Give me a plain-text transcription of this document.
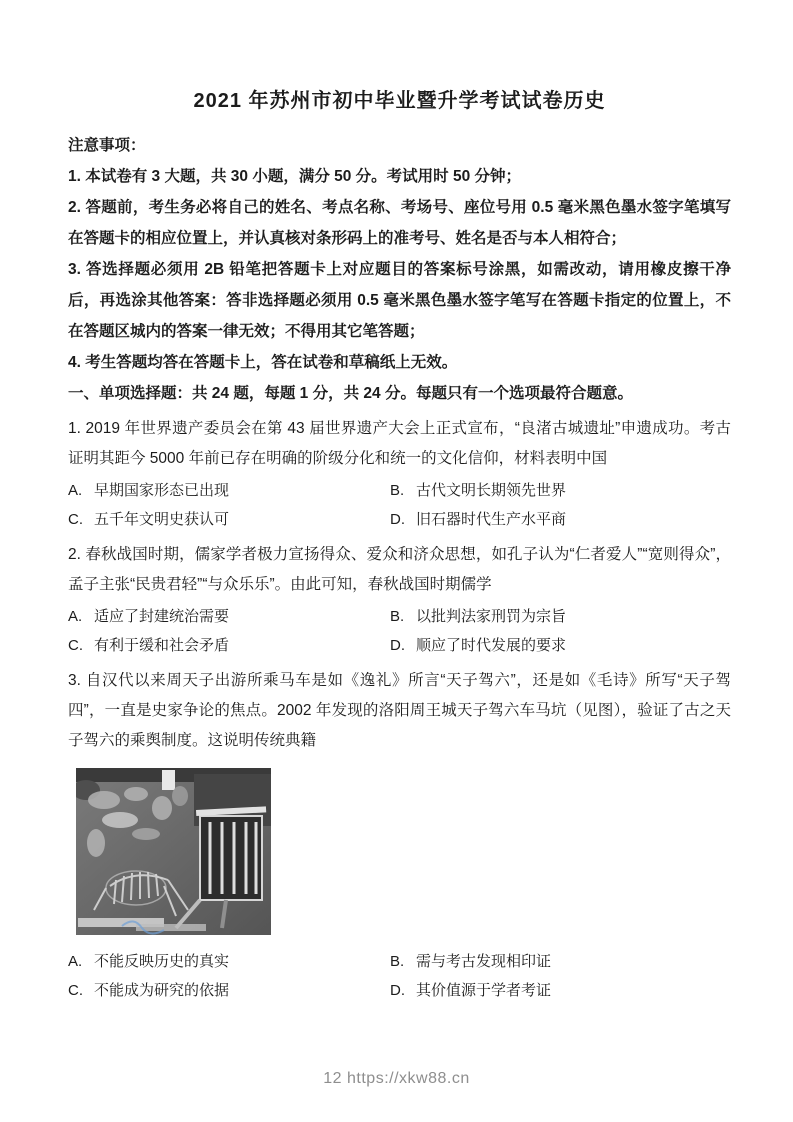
2021 年苏州市初中毕业暨升学考试试卷历史

注意事项：

1. 本试卷有 3 大题，共 30 小题，满分 50 分。考试用时 50 分钟；

2. 答题前，考生务必将自己的姓名、考点名称、考场号、座位号用 0.5 毫米黑色墨水签字笔填写在答题卡的相应位置上，并认真核对条形码上的准考号、姓名是否与本人相符合；

3. 答选择题必须用 2B 铅笔把答题卡上对应题目的答案标号涂黑，如需改动，请用橡皮擦干净后，再选涂其他答案：答非选择题必须用 0.5 毫米黑色墨水签字笔写在答题卡指定的位置上，不在答题区城内的答案一律无效；不得用其它笔答题；

4. 考生答题均答在答题卡上，答在试卷和草稿纸上无效。

一、单项选择题：共 24 题，每题 1 分，共 24 分。每题只有一个选项最符合题意。

1. 2019 年世界遗产委员会在第 43 届世界遗产大会上正式宣布，“良渚古城遗址”申遗成功。考古证明其距今 5000 年前已存在明确的阶级分化和统一的文化信仰，材料表明中国

A. 早期国家形态已出现	B. 古代文明长期领先世界
C. 五千年文明史获认可	D. 旧石器时代生产水平商

2. 春秋战国时期，儒家学者极力宣扬得众、爱众和济众思想，如孔子认为“仁者爱人”“宽则得众”，孟子主张“民贵君轻”“与众乐乐”。由此可知，春秋战国时期儒学

A. 适应了封建统治需要	B. 以批判法家刑罚为宗旨
C. 有利于缓和社会矛盾	D. 顺应了时代发展的要求

3. 自汉代以来周天子出游所乘马车是如《逸礼》所言“天子驾六”，还是如《毛诗》所写“天子驾四”，一直是史家争论的焦点。2002 年发现的洛阳周王城天子驾六车马坑（见图），验证了古之天子驾六的乘舆制度。这说明传统典籍

A. 不能反映历史的真实	B. 需与考古发现相印证
C. 不能成为研究的依据	D. 其价值源于学者考证
12 https://xkw88.cn
